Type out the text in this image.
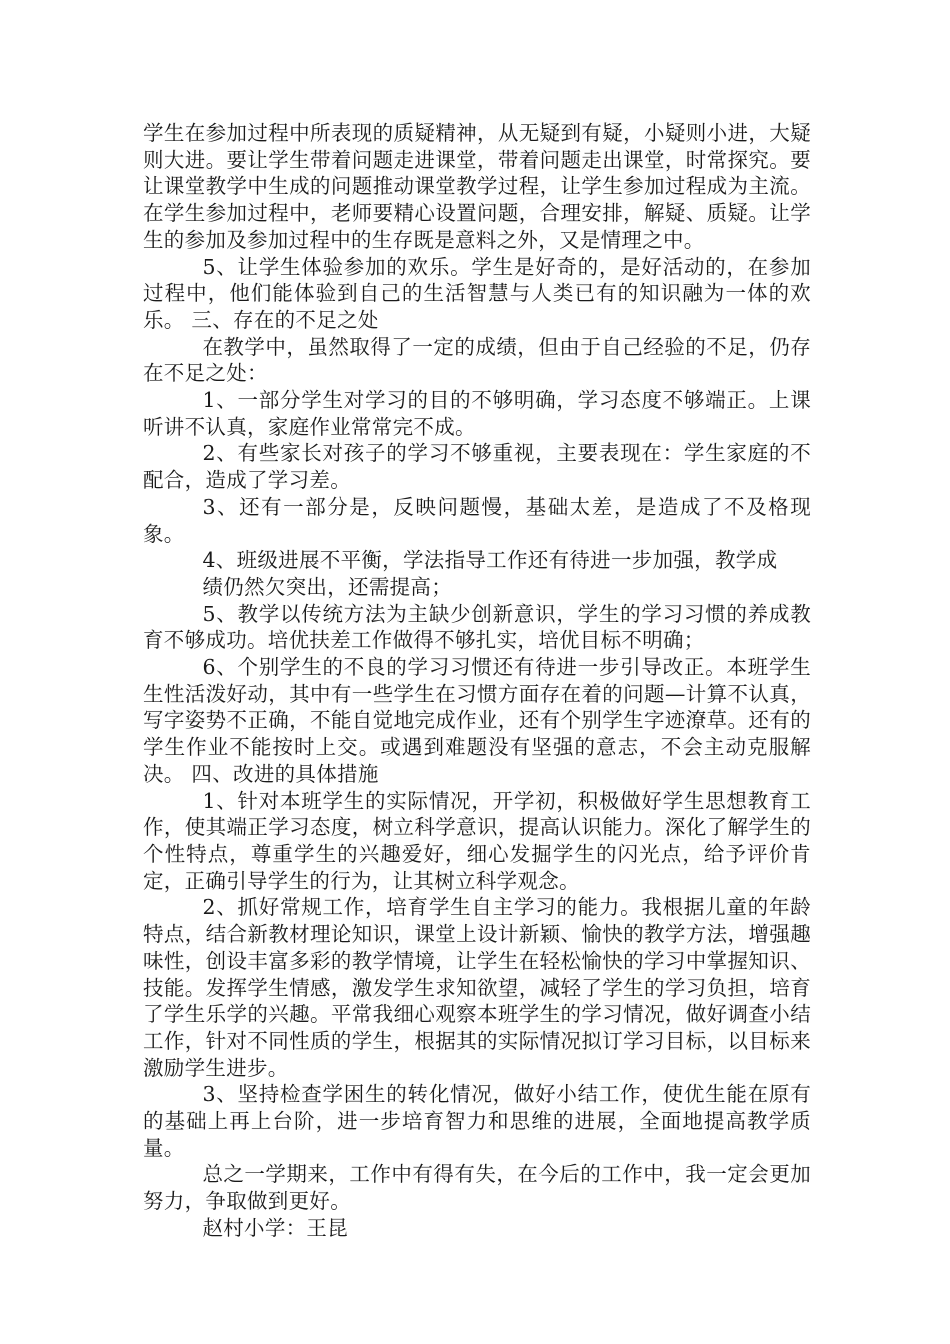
学生在参加过程中所表现的质疑精神，从无疑到有疑，小疑则小进，大疑则大进。要让学生带着问题走进课堂，带着问题走出课堂，时常探究。要让课堂教学中生成的问题推动课堂教学过程，让学生参加过程成为主流。在学生参加过程中，老师要精心设置问题，合理安排，解疑、质疑。让学生的参加及参加过程中的生存既是意料之外，又是情理之中。

5、让学生体验参加的欢乐。学生是好奇的，是好活动的，在参加过程中，他们能体验到自己的生活智慧与人类已有的知识融为一体的欢乐。 三、存在的不足之处

在教学中，虽然取得了一定的成绩，但由于自己经验的不足，仍存在不足之处：

1、一部分学生对学习的目的不够明确，学习态度不够端正。上课听讲不认真，家庭作业常常完不成。

2、有些家长对孩子的学习不够重视，主要表现在：学生家庭的不配合，造成了学习差。

3、还有一部分是，反映问题慢，基础太差，是造成了不及格现象。

4、班级进展不平衡，学法指导工作还有待进一步加强，教学成

绩仍然欠突出，还需提高；

5、教学以传统方法为主缺少创新意识，学生的学习习惯的养成教育不够成功。培优扶差工作做得不够扎实，培优目标不明确；

6、个别学生的不良的学习习惯还有待进一步引导改正。本班学生生性活泼好动，其中有一些学生在习惯方面存在着的问题—计算不认真，写字姿势不正确，不能自觉地完成作业，还有个别学生字迹潦草。还有的学生作业不能按时上交。或遇到难题没有坚强的意志，不会主动克服解决。 四、改进的具体措施

1、针对本班学生的实际情况，开学初，积极做好学生思想教育工作，使其端正学习态度，树立科学意识，提高认识能力。深化了解学生的个性特点，尊重学生的兴趣爱好，细心发掘学生的闪光点，给予评价肯定，正确引导学生的行为，让其树立科学观念。

2、抓好常规工作，培育学生自主学习的能力。我根据儿童的年龄特点，结合新教材理论知识，课堂上设计新颖、愉快的教学方法，增强趣味性，创设丰富多彩的教学情境，让学生在轻松愉快的学习中掌握知识、技能。发挥学生情感，激发学生求知欲望，减轻了学生的学习负担，培育了学生乐学的兴趣。平常我细心观察本班学生的学习情况，做好调查小结工作，针对不同性质的学生，根据其的实际情况拟订学习目标，以目标来激励学生进步。

3、坚持检查学困生的转化情况，做好小结工作，使优生能在原有的基础上再上台阶，进一步培育智力和思维的进展，全面地提高教学质量。

总之一学期来，工作中有得有失，在今后的工作中，我一定会更加努力，争取做到更好。

赵村小学：王昆
